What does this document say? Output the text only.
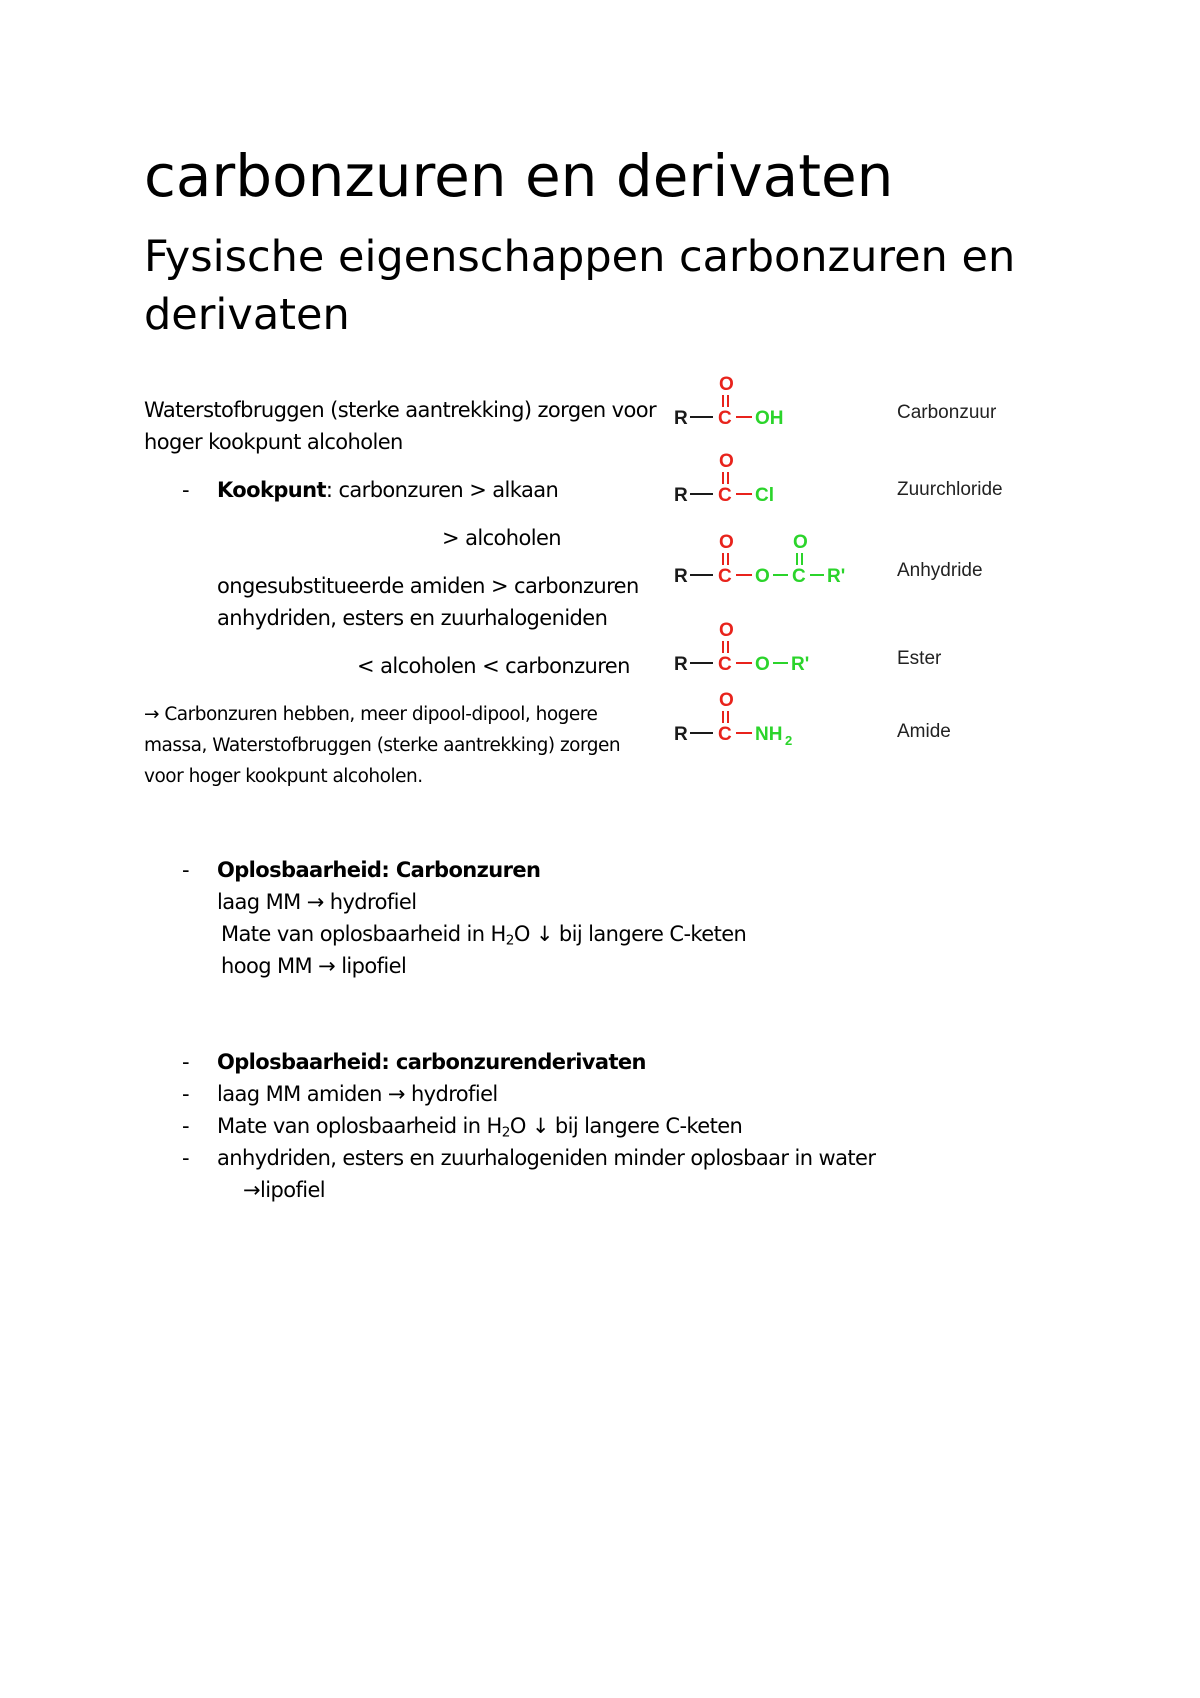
carbonzuren en derivaten
Fysische eigenschappen carbonzuren en derivaten
Waterstofbruggen (sterke aantrekking) zorgen voor
hoger kookpunt alcoholen
- Kookpunt: carbonzuren > alkaan
> alcoholen
ongesubstitueerde amiden > carbonzuren
anhydriden, esters en zuurhalogeniden
< alcoholen < carbonzuren
→ Carbonzuren hebben, meer dipool-dipool, hogere
massa, Waterstofbruggen (sterke aantrekking) zorgen
voor hoger kookpunt alcoholen.
- Oplosbaarheid: Carbonzuren
laag MM → hydrofiel
Mate van oplosbaarheid in $H_2O$ ↓ bij langere C-keten
hoog MM → lipofiel
- Oplosbaarheid: carbonzurenderivaten
- laag MM amiden → hydrofiel
- Mate van oplosbaarheid in $H_2O$ ↓ bij langere C-keten
- anhydriden, esters en zuurhalogeniden minder oplosbaar in water
→lipofiel
O
R C OH	Carbonzuur
O
R C Cl	Zuurchloride
O	O
R C O C R'	Anhydride
O
R C O R'	Ester
O
R C NH 2	Amide
